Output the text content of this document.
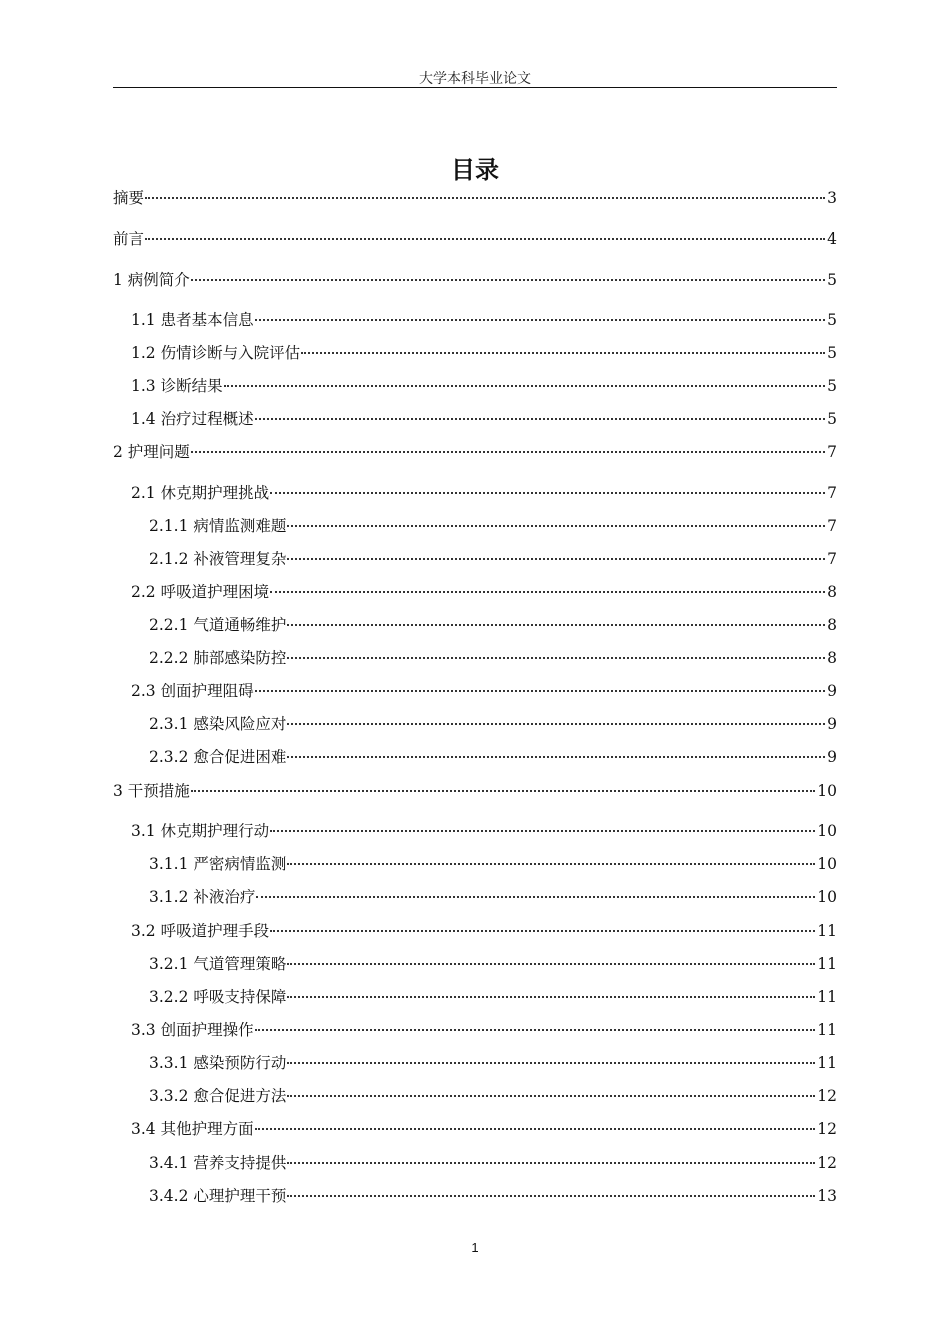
大学本科毕业论文
目录
摘要	3
前言	4
1 病例简介	5
1.1 患者基本信息	5
1.2 伤情诊断与入院评估	5
1.3 诊断结果	5
1.4 治疗过程概述	5
2 护理问题	7
2.1 休克期护理挑战	7
2.1.1 病情监测难题	7
2.1.2 补液管理复杂	7
2.2 呼吸道护理困境	8
2.2.1 气道通畅维护	8
2.2.2 肺部感染防控	8
2.3 创面护理阻碍	9
2.3.1 感染风险应对	9
2.3.2 愈合促进困难	9
3 干预措施	10
3.1 休克期护理行动	10
3.1.1 严密病情监测	10
3.1.2 补液治疗	10
3.2 呼吸道护理手段	11
3.2.1 气道管理策略	11
3.2.2 呼吸支持保障	11
3.3 创面护理操作	11
3.3.1 感染预防行动	11
3.3.2 愈合促进方法	12
3.4 其他护理方面	12
3.4.1 营养支持提供	12
3.4.2 心理护理干预	13
1
